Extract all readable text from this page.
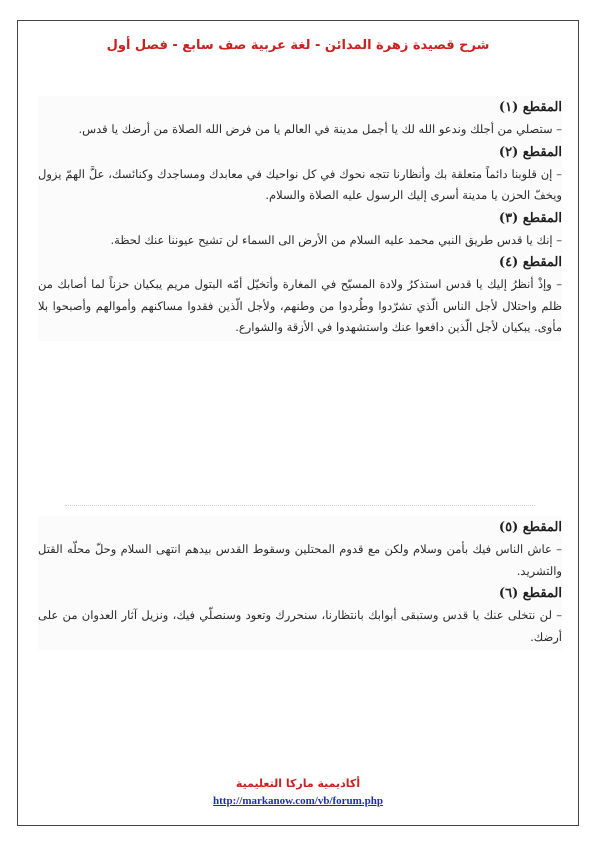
شرح قصيدة زهرة المدائن - لغة عربية صف سابع - فصل أول
المقطع (١)

– ستصلي من أجلك وندعو الله لك يا أجمل مدينة في العالم يا من فرض الله الصلاة من أرضك يا قدس.

المقطع (٢)

– إن قلوبنا دائماً متعلقة بك وأنظارنا تتجه نحوك في كل نواحيك في معابدك ومساجدك وكنائسك، علَّ الهمّ يزول ويخفّ الحزن يا مدينة أسرى إليك الرسول عليه الصلاة والسلام.

المقطع (٣)

– إنك يا قدس طريق النبي محمد عليه السلام من الأرض الى السماء لن تشيح عيوننا عنك لحظة.

المقطع (٤)

– وإذْ أنظرُ إليك يا قدس استذكرُ ولادة المسيّح في المغارة وأتخيّل أمّه البتول مريم يبكيان حزناً لما أصابك من ظلم واحتلال لأجل الناس الّذي تشرّدوا وطُردوا من وطنهم، ولأجل الّذين فقدوا مساكنهم وأموالهم وأصبحوا بلا مأوى. يبكيان لأجل الّذين دافعوا عنك واستشهدوا في الأزقة والشوارع.

المقطع (٥)

– عاش الناس فيك بأمن وسلام ولكن مع قدوم المحتلين وسقوط القدس بيدهم انتهى السلام وحلّ محلّه القتل والتشريد.

المقطع (٦)

– لن نتخلى عنك يا قدس وستبقى أبوابك بانتظارنا، سنحررك وتعود وسنصلّي فيك، ونزيل آثار العدوان من على أرضك.

أكاديمية ماركا التعليمية
http://markanow.com/vb/forum.php
